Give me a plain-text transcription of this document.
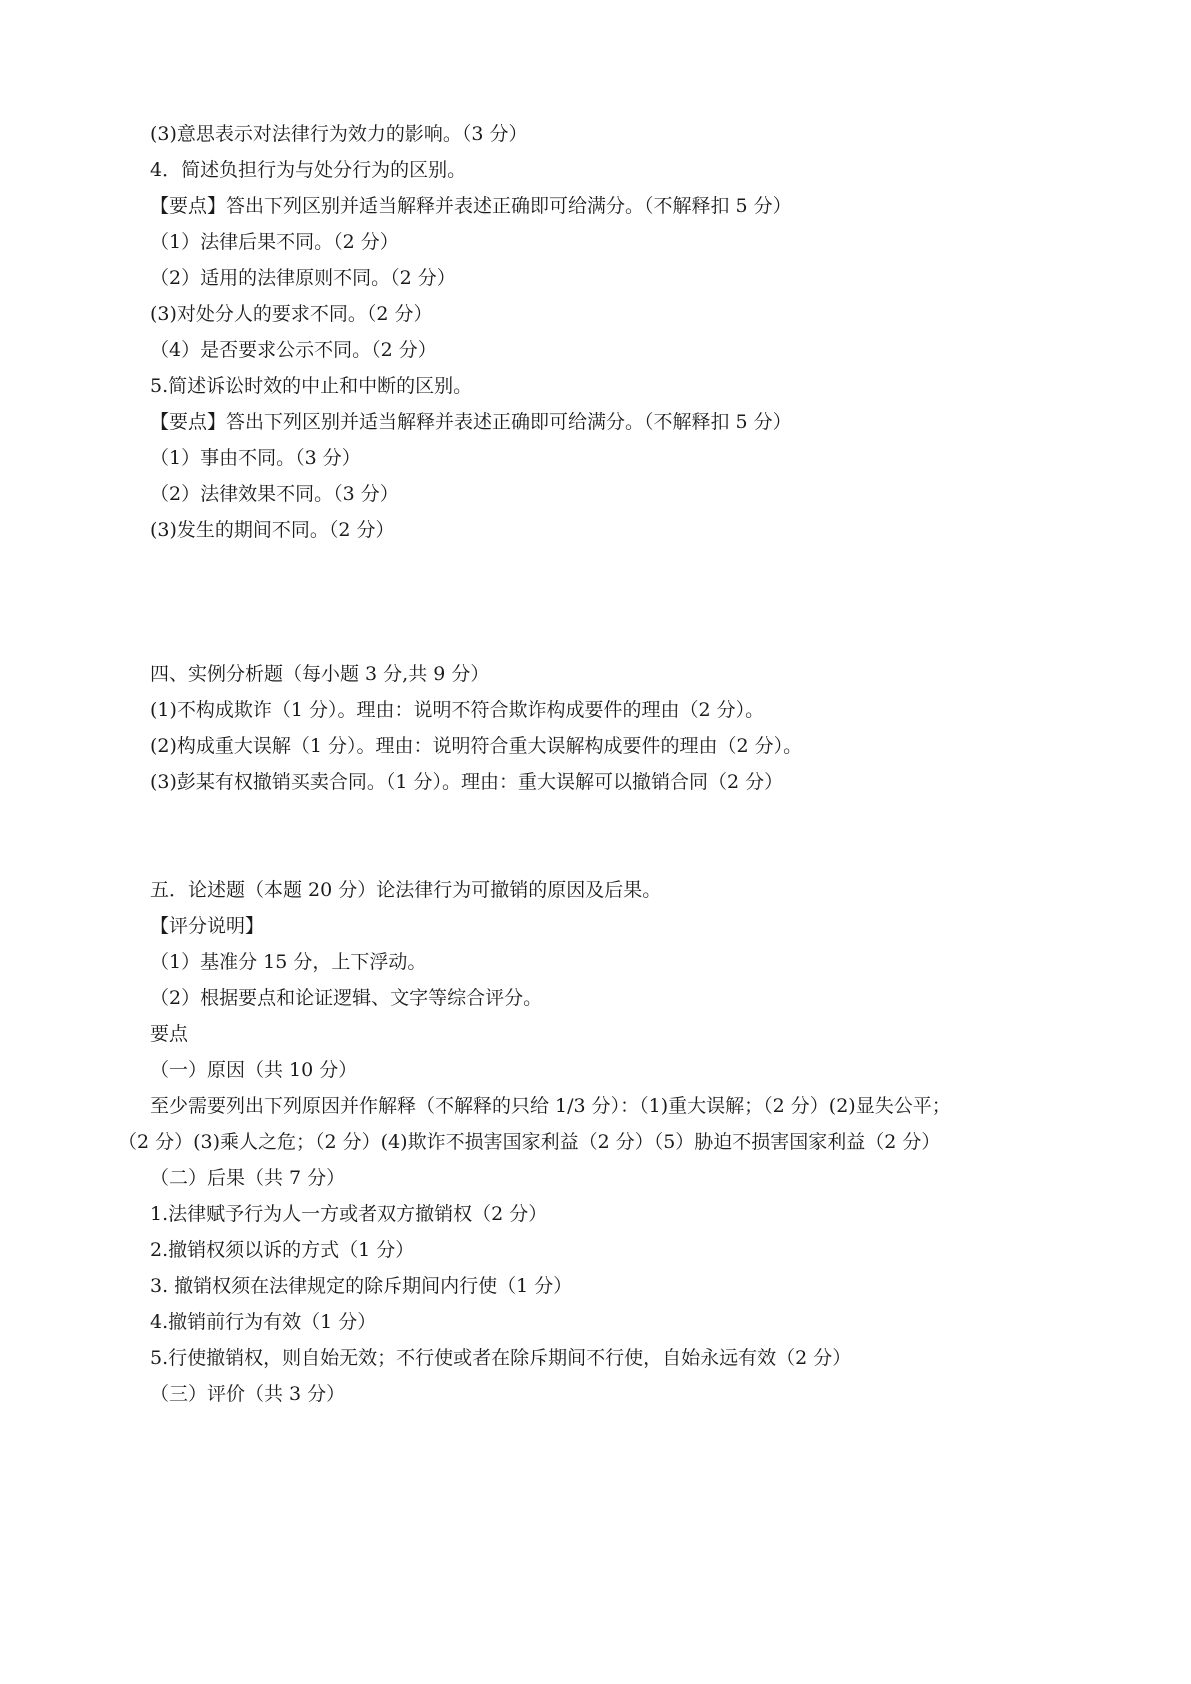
(3)意思表示对法律行为效力的影响。（3 分）
4．简述负担行为与处分行为的区别。
【要点】答出下列区别并适当解释并表述正确即可给满分。（不解释扣 5 分）
（1）法律后果不同。（2 分）
（2）适用的法律原则不同。（2 分）
(3)对处分人的要求不同。（2 分）
（4）是否要求公示不同。（2 分）
5.简述诉讼时效的中止和中断的区别。
【要点】答出下列区别并适当解释并表述正确即可给满分。（不解释扣 5 分）
（1）事由不同。（3 分）
（2）法律效果不同。（3 分）
(3)发生的期间不同。（2 分）
四、实例分析题（每小题 3 分,共 9 分）
(1)不构成欺诈（1 分）。理由：说明不符合欺诈构成要件的理由（2 分）。
(2)构成重大误解（1 分）。理由：说明符合重大误解构成要件的理由（2 分）。
(3)彭某有权撤销买卖合同。（1 分）。理由：重大误解可以撤销合同（2 分）
五．论述题（本题 20 分）论法律行为可撤销的原因及后果。
【评分说明】
（1）基准分 15 分，上下浮动。
（2）根据要点和论证逻辑、文字等综合评分。
要点
（一）原因（共 10 分）
至少需要列出下列原因并作解释（不解释的只给 1/3 分）：（1)重大误解；（2 分）(2)显失公平；
（2 分）(3)乘人之危；（2 分）(4)欺诈不损害国家利益（2 分）（5）胁迫不损害国家利益（2 分）
（二）后果（共 7 分）
1.法律赋予行为人一方或者双方撤销权（2 分）
2.撤销权须以诉的方式（1 分）
3. 撤销权须在法律规定的除斥期间内行使（1 分）
4.撤销前行为有效（1 分）
5.行使撤销权，则自始无效；不行使或者在除斥期间不行使，自始永远有效（2 分）
（三）评价（共 3 分）
